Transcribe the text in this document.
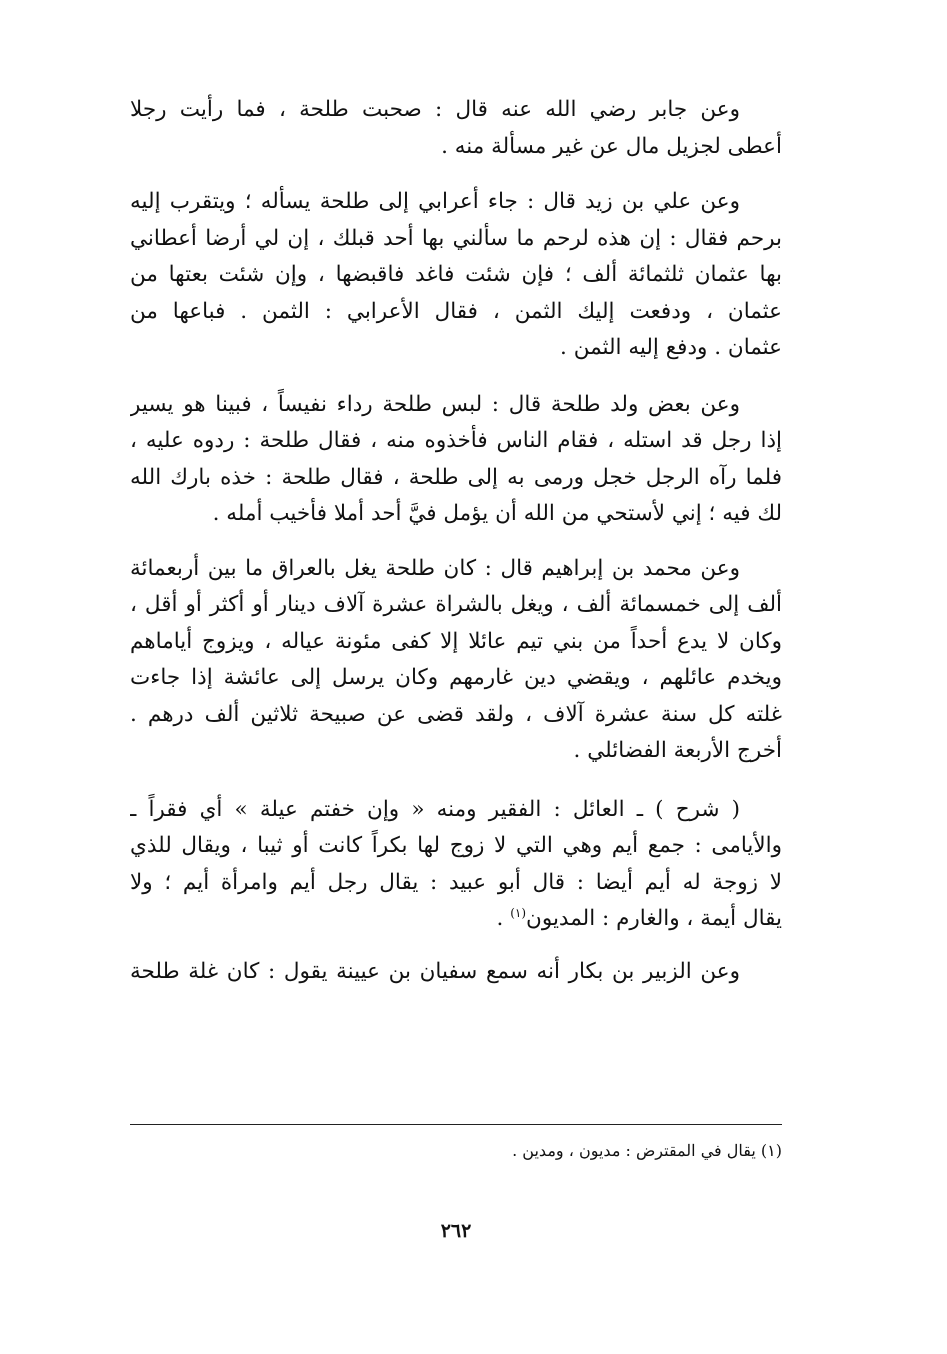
وعن جابر رضي الله عنه قال : صحبت طلحة ، فما رأيت رجلا
أعطى لجزيل مال عن غير مسألة منه .
وعن علي بن زيد قال : جاء أعرابي إلى طلحة يسأله ؛ ويتقرب إليه
برحم فقال : إن هذه لرحم ما سألني بها أحد قبلك ، إن لي أرضا أعطاني
بها عثمان ثلثمائة ألف ؛ فإن شئت فاغد فاقبضها ، وإن شئت بعتها من
عثمان ، ودفعت إليك الثمن ، فقال الأعرابي : الثمن . فباعها من
عثمان . ودفع إليه الثمن .
وعن بعض ولد طلحة قال : لبس طلحة رداء نفيساً ، فبينا هو يسير
إذا رجل قد استله ، فقام الناس فأخذوه منه ، فقال طلحة : ردوه عليه ،
فلما رآه الرجل خجل ورمى به إلى طلحة ، فقال طلحة : خذه بارك الله
لك فيه ؛ إني لأستحي من الله أن يؤمل فيَّ أحد أملا فأخيب أمله .
وعن محمد بن إبراهيم قال : كان طلحة يغل بالعراق ما بين أربعمائة
ألف إلى خمسمائة ألف ، ويغل بالشراة عشرة آلاف دينار أو أكثر أو أقل ،
وكان لا يدع أحداً من بني تيم عائلا إلا كفى مئونة عياله ، ويزوج أياماهم
ويخدم عائلهم ، ويقضي دين غارمهم وكان يرسل إلى عائشة إذا جاءت
غلته كل سنة عشرة آلاف ، ولقد قضى عن صبيحة ثلاثين ألف درهم .
أخرج الأربعة الفضائلي .
( شرح ) ـ العائل : الفقير ومنه « وإن خفتم عيلة » أي فقراً ـ
والأيامى : جمع أيم وهي التي لا زوج لها بكراً كانت أو ثيبا ، ويقال للذي
لا زوجة له أيم أيضا : قال أبو عبيد : يقال رجل أيم وامرأة أيم ؛ ولا
يقال أيمة ، والغارم : المديون$^{(١)}$ .
وعن الزبير بن بكار أنه سمع سفيان بن عيينة يقول : كان غلة طلحة
(١) يقال في المقترض : مديون ، ومدين .
٢٦٢
